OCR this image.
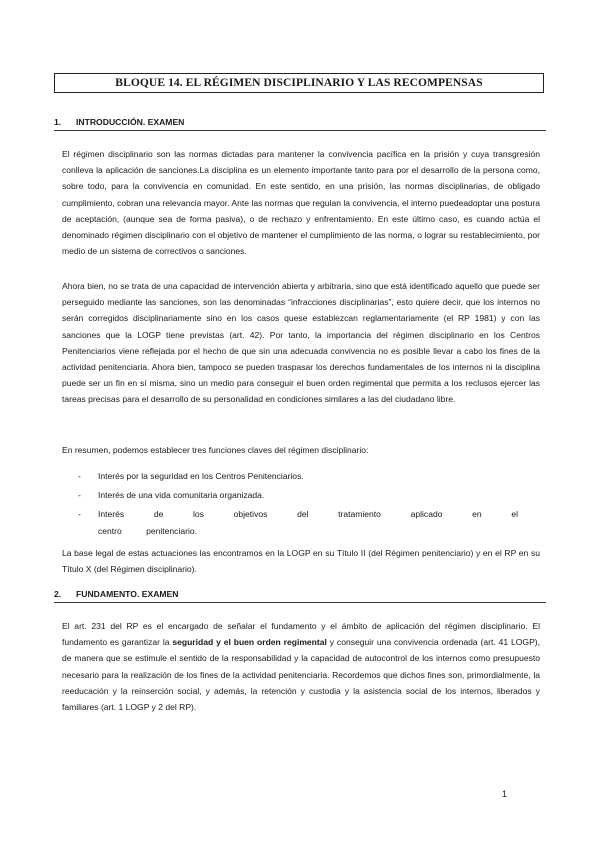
BLOQUE 14. EL RÉGIMEN DISCIPLINARIO Y LAS RECOMPENSAS
1. INTRODUCCIÓN. EXAMEN

El régimen disciplinario son las normas dictadas para mantener la convivencia pacífica en la prisión y cuya transgresión conlleva la aplicación de sanciones.La disciplina es un elemento importante tanto para por el desarrollo de la persona como, sobre todo, para la convivencia en comunidad. En este sentido, en una prisión, las normas disciplinarias, de obligado cumplimiento, cobran una relevancia mayor. Ante las normas que regulan la convivencia, el interno puedeadoptar una postura de aceptación, (aunque sea de forma pasiva), o de rechazo y enfrentamiento. En este último caso, es cuando actúa el denominado régimen disciplinario con el objetivo de mantener el cumplimiento de las norma, o lograr su restablecimiento, por medio de un sistema de correctivos o sanciones.

Ahora bien, no se trata de una capacidad de intervención abierta y arbitraria, sino que está identificado aquello que puede ser perseguido mediante las sanciones, son las denominadas “infracciones disciplinarias”, esto quiere decir, que los internos no serán corregidos disciplinariamente sino en los casos quese establezcan reglamentariamente (el RP 1981) y con las sanciones que la LOGP tiene previstas (art. 42). Por tanto, la importancia del régimen disciplinario en los Centros Penitenciarios viene reflejada por el hecho de que sin una adecuada convivencia no es posible llevar a cabo los fines de la actividad penitenciaria. Ahora bien, tampoco se pueden traspasar los derechos fundamentales de los internos ni la disciplina puede ser un fin en sí misma, sino un medio para conseguir el buen orden regimental que permita a los reclusos ejercer las tareas precisas para el desarrollo de su personalidad en condiciones similares a las del ciudadano libre.

En resumen, podemos establecer tres funciones claves del régimen disciplinario:

- Interés por la seguridad en los Centros Penitenciarios.
- Interés de una vida comunitaria organizada.
- Interés de los objetivos del tratamiento aplicado en el centro penitenciario.

La base legal de estas actuaciones las encontramos en la LOGP en su Título II (del Régimen penitenciario) y en el RP en su Título X (del Régimen disciplinario).

2. FUNDAMENTO. EXAMEN

El art. 231 del RP es el encargado de señalar el fundamento y el ámbito de aplicación del régimen disciplinario. El fundamento es garantizar la seguridad y el buen orden regimental y conseguir una convivencia ordenada (art. 41 LOGP), de manera que se estimule el sentido de la responsabilidad y la capacidad de autocontrol de los internos como presupuesto necesario para la realización de los fines de la actividad penitenciaria. Recordemos que dichos fines son, primordialmente, la reeducación y la reinserción social, y además, la retención y custodia y la asistencia social de los internos, liberados y familiares (art. 1 LOGP y 2 del RP).

1
